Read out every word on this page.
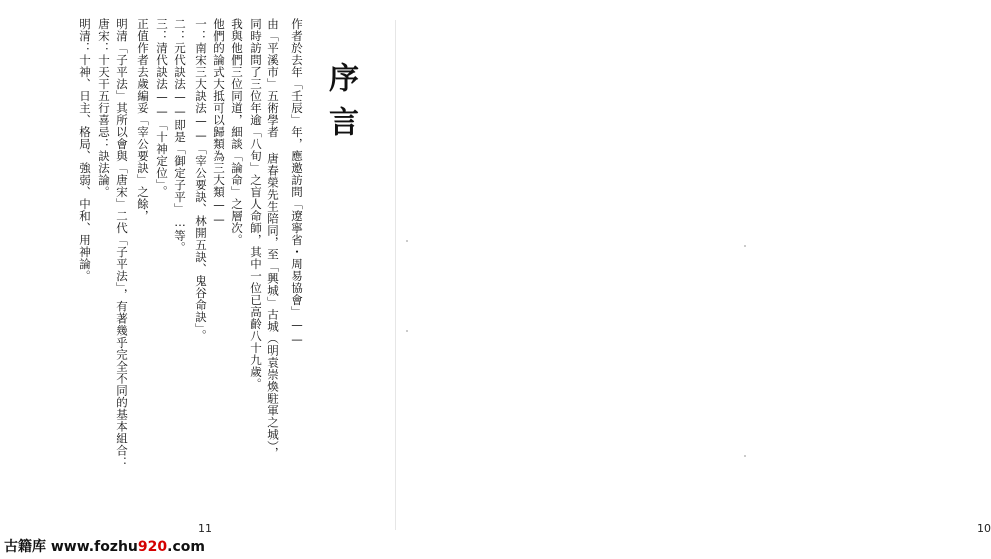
作者於去年「壬辰」年，應邀訪問「遼寧省・周易協會」——
由「平溪市」五術學者 唐春榮先生陪同，至「興城」古城（明袁崇煥駐軍之城），
同時訪問了三位年逾「八旬」之盲人命師，其中一位已高齡八十九歲。
我與他們三位同道，細談「論命」之層次。
他們的論式大抵可以歸類為三大類——
一：南宋三大訣法——「宰公要訣、林開五訣、鬼谷命訣」。
二：元代訣法——即是「御定子平」…等。
三：清代訣法——「十神定位」。
正值作者去歲編妥「宰公要訣」之餘，
明清「子平法」其所以會與「唐宋」二代「子平法」，有著幾乎完全不同的基本組合：
唐宋：十天干五行喜忌：訣法論。
明清：十神、日主、格局、強弱、中和、用神論。	序言
11	10
古籍库 www.fozhu920.com
